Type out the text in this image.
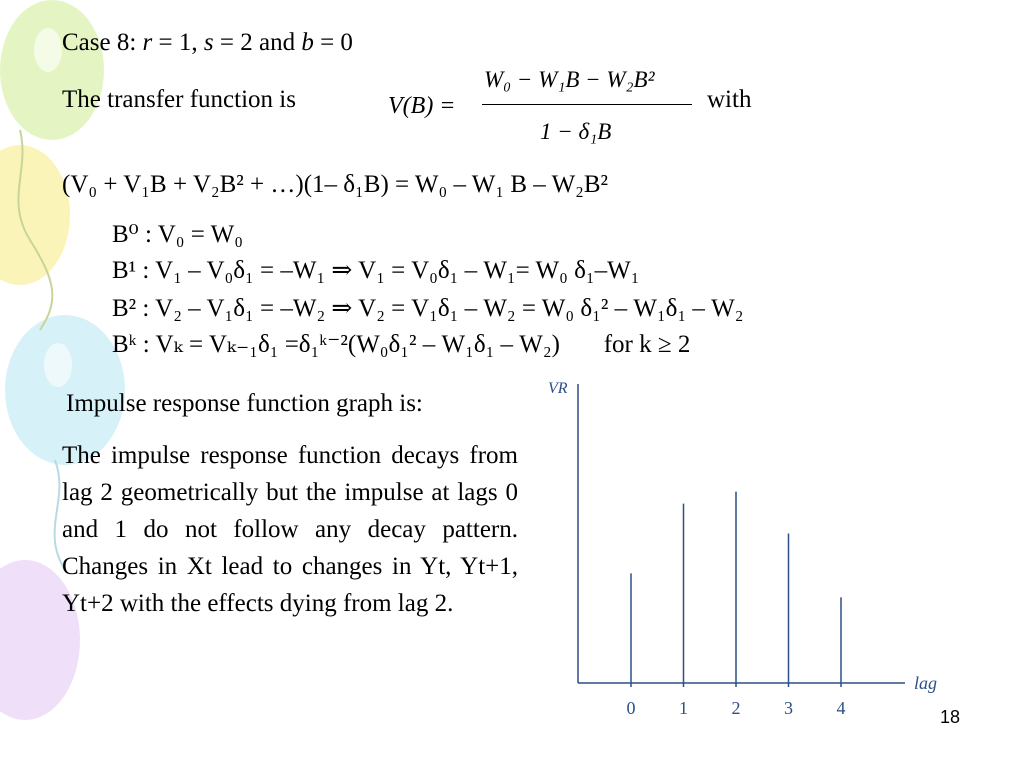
Case 8: r = 1, s = 2 and b = 0
The transfer function is	V(B) =
W₀ − W₁B − W₂B²
1 − δ₁B
with
(V₀ + V₁B + V₂B² + …)(1– δ₁B) = W₀ – W₁ B – W₂B²
B⁰ : V₀ = W₀
B¹ : V₁ – V₀δ₁ = –W₁ ⇒ V₁ = V₀δ₁ – W₁= W₀ δ₁–W₁
B² : V₂ – V₁δ₁ = –W₂ ⇒ V₂ = V₁δ₁ – W₂ = W₀ δ₁² – W₁δ₁ – W₂
Bᵏ : Vₖ = Vₖ₋₁δ₁ =δ₁ᵏ⁻²(W₀δ₁² – W₁δ₁ – W₂)       for k ≥ 2
Impulse response function graph is:
The impulse response function decays from lag 2 geometrically but the impulse at lags 0 and 1 do not follow any decay pattern. Changes in Xt lead to changes in Yt, Yt+1, Yt+2 with the effects dying from lag 2.
VR
lag
0 1 2 3 4	18
